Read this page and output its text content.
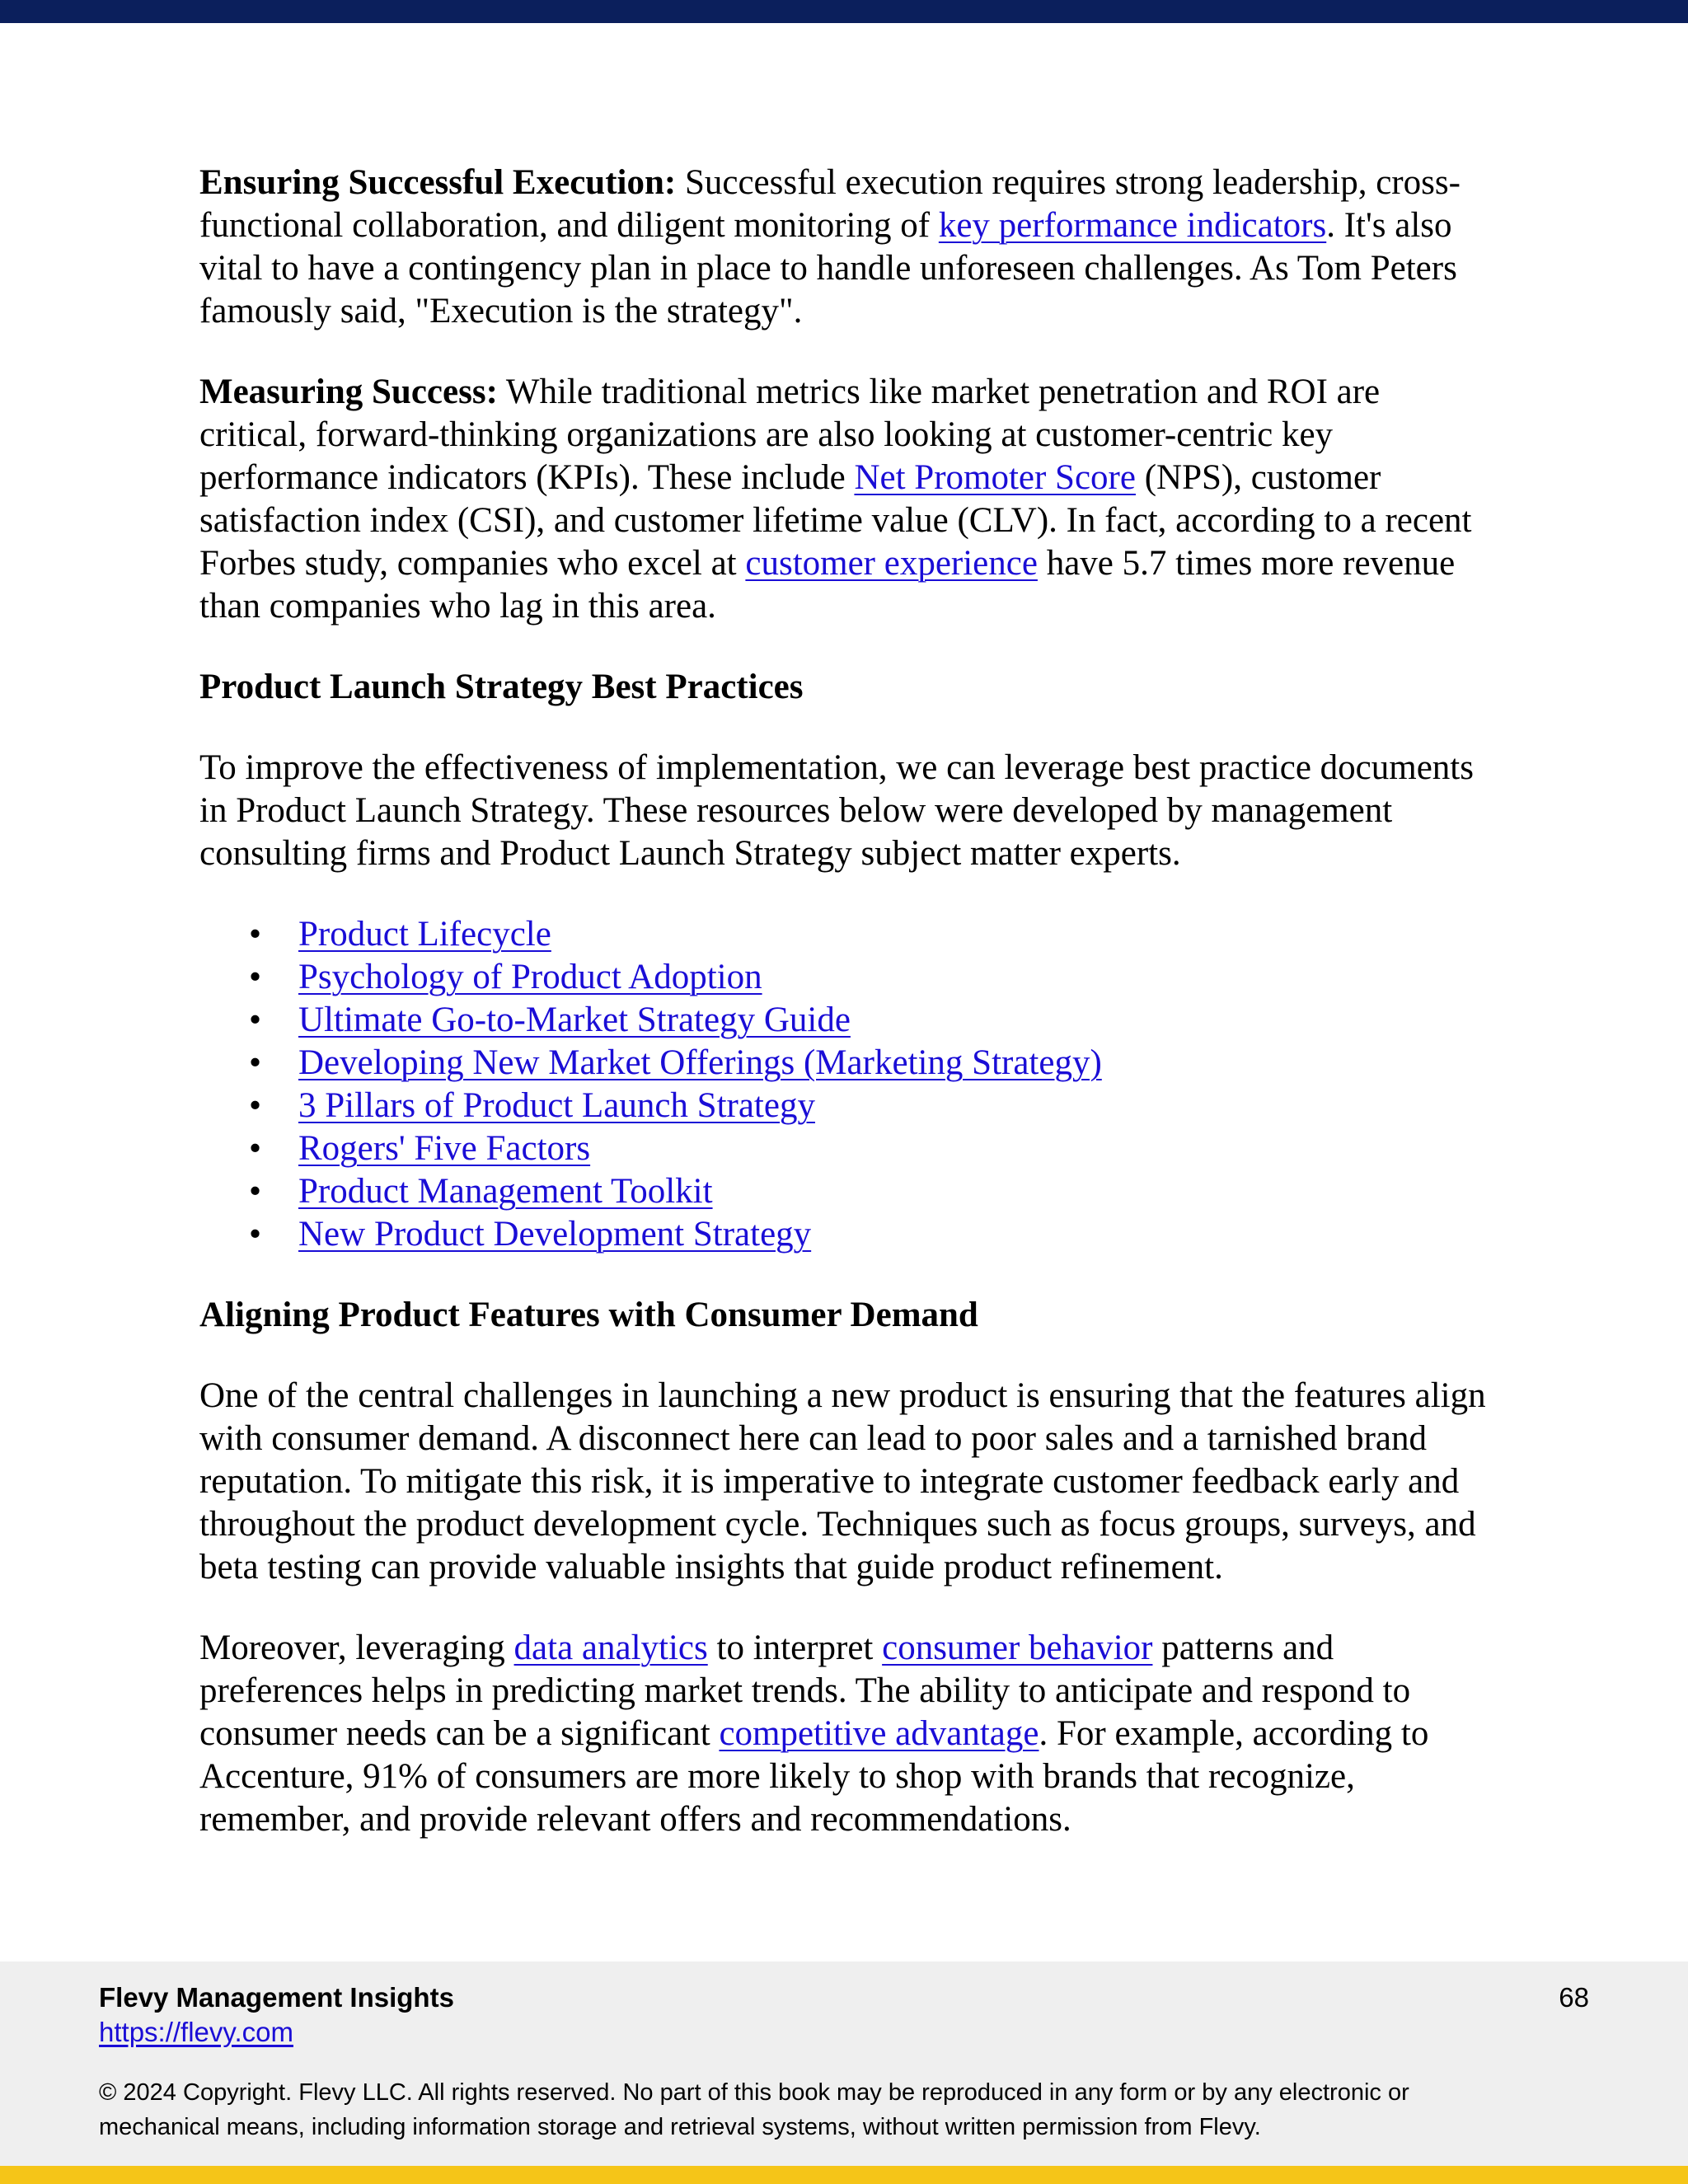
Ensuring Successful Execution: Successful execution requires strong leadership, cross-functional collaboration, and diligent monitoring of key performance indicators. It's also vital to have a contingency plan in place to handle unforeseen challenges. As Tom Peters famously said, "Execution is the strategy".

Measuring Success: While traditional metrics like market penetration and ROI are critical, forward-thinking organizations are also looking at customer-centric key performance indicators (KPIs). These include Net Promoter Score (NPS), customer satisfaction index (CSI), and customer lifetime value (CLV). In fact, according to a recent Forbes study, companies who excel at customer experience have 5.7 times more revenue than companies who lag in this area.

Product Launch Strategy Best Practices

To improve the effectiveness of implementation, we can leverage best practice documents in Product Launch Strategy. These resources below were developed by management consulting firms and Product Launch Strategy subject matter experts.

• Product Lifecycle
• Psychology of Product Adoption
• Ultimate Go-to-Market Strategy Guide
• Developing New Market Offerings (Marketing Strategy)
• 3 Pillars of Product Launch Strategy
• Rogers' Five Factors
• Product Management Toolkit
• New Product Development Strategy

Aligning Product Features with Consumer Demand

One of the central challenges in launching a new product is ensuring that the features align with consumer demand. A disconnect here can lead to poor sales and a tarnished brand reputation. To mitigate this risk, it is imperative to integrate customer feedback early and throughout the product development cycle. Techniques such as focus groups, surveys, and beta testing can provide valuable insights that guide product refinement.

Moreover, leveraging data analytics to interpret consumer behavior patterns and preferences helps in predicting market trends. The ability to anticipate and respond to consumer needs can be a significant competitive advantage. For example, according to Accenture, 91% of consumers are more likely to shop with brands that recognize, remember, and provide relevant offers and recommendations.

Flevy Management Insights
https://flevy.com
68
© 2024 Copyright. Flevy LLC. All rights reserved. No part of this book may be reproduced in any form or by any electronic or mechanical means, including information storage and retrieval systems, without written permission from Flevy.
